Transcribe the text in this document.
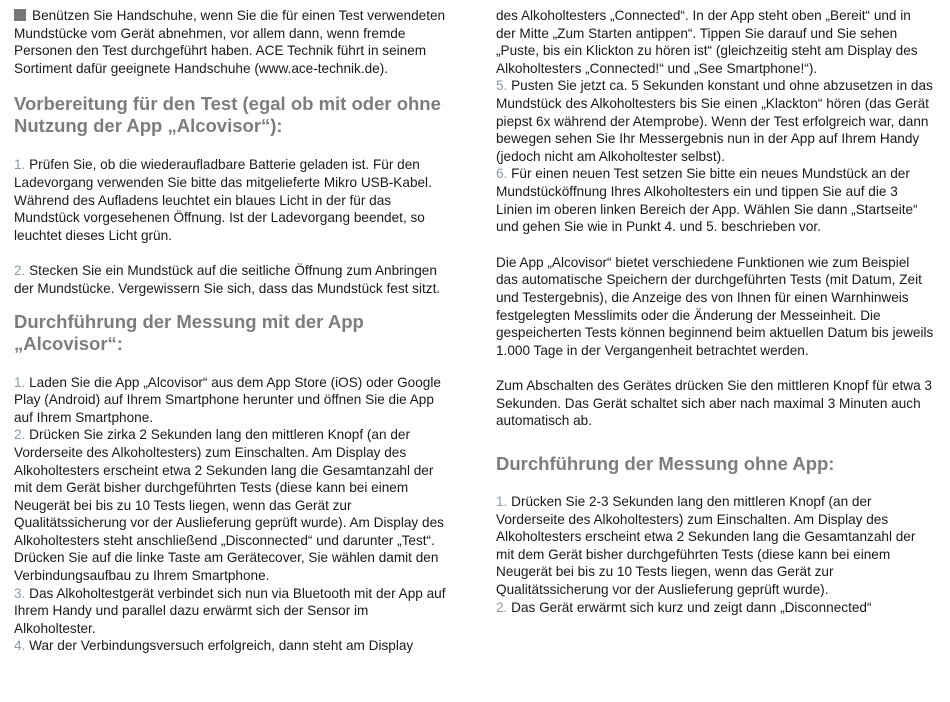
Benützen Sie Handschuhe, wenn Sie die für einen Test verwendeten Mundstücke vom Gerät abnehmen, vor allem dann, wenn fremde Personen den Test durchgeführt haben. ACE Technik führt in seinem Sortiment dafür geeignete Handschuhe (www.ace-technik.de).

Vorbereitung für den Test (egal ob mit oder ohne Nutzung der App „Alcovisor“):

1. Prüfen Sie, ob die wiederaufladbare Batterie geladen ist. Für den Ladevorgang verwenden Sie bitte das mitgelieferte Mikro USB-Kabel. Während des Aufladens leuchtet ein blaues Licht in der für das Mundstück vorgesehenen Öffnung. Ist der Ladevorgang beendet, so leuchtet dieses Licht grün.

2. Stecken Sie ein Mundstück auf die seitliche Öffnung zum Anbringen der Mundstücke. Vergewissern Sie sich, dass das Mundstück fest sitzt.

Durchführung der Messung mit der App „Alcovisor“:

1. Laden Sie die App „Alcovisor“ aus dem App Store (iOS) oder Google Play (Android) auf Ihrem Smartphone herunter und öffnen Sie die App auf Ihrem Smartphone.

2. Drücken Sie zirka 2 Sekunden lang den mittleren Knopf (an der Vorderseite des Alkoholtesters) zum Einschalten. Am Display des Alkoholtesters erscheint etwa 2 Sekunden lang die Gesamtanzahl der mit dem Gerät bisher durchgeführten Tests (diese kann bei einem Neugerät bei bis zu 10 Tests liegen, wenn das Gerät zur Qualitätssicherung vor der Auslieferung geprüft wurde). Am Display des Alkoholtesters steht anschließend „Disconnected“ und darunter „Test“. Drücken Sie auf die linke Taste am Gerätecover, Sie wählen damit den Verbindungsaufbau zu Ihrem Smartphone.

3. Das Alkoholtestgerät verbindet sich nun via Bluetooth mit der App auf Ihrem Handy und parallel dazu erwärmt sich der Sensor im Alkoholtester.

4. War der Verbindungsversuch erfolgreich, dann steht am Display

des Alkoholtesters „Connected“. In der App steht oben „Bereit“ und in der Mitte „Zum Starten antippen“. Tippen Sie darauf und Sie sehen „Puste, bis ein Klickton zu hören ist“ (gleichzeitig steht am Display des Alkoholtesters „Connected!“ und „See Smartphone!“).

5. Pusten Sie jetzt ca. 5 Sekunden konstant und ohne abzusetzen in das Mundstück des Alkoholtesters bis Sie einen „Klackton“ hören (das Gerät piepst 6x während der Atemprobe). Wenn der Test erfolgreich war, dann bewegen sehen Sie Ihr Messergebnis nun in der App auf Ihrem Handy (jedoch nicht am Alkoholtester selbst).

6. Für einen neuen Test setzen Sie bitte ein neues Mundstück an der Mundstücköffnung Ihres Alkoholtesters ein und tippen Sie auf die 3 Linien im oberen linken Bereich der App. Wählen Sie dann „Startseite“ und gehen Sie wie in Punkt 4. und 5. beschrieben vor.

Die App „Alcovisor“ bietet verschiedene Funktionen wie zum Beispiel das automatische Speichern der durchgeführten Tests (mit Datum, Zeit und Testergebnis), die Anzeige des von Ihnen für einen Warnhinweis festgelegten Messlimits oder die Änderung der Messeinheit. Die gespeicherten Tests können beginnend beim aktuellen Datum bis jeweils 1.000 Tage in der Vergangenheit betrachtet werden.

Zum Abschalten des Gerätes drücken Sie den mittleren Knopf für etwa 3 Sekunden. Das Gerät schaltet sich aber nach maximal 3 Minuten auch automatisch ab.

Durchführung der Messung ohne App:

1. Drücken Sie 2-3 Sekunden lang den mittleren Knopf (an der Vorderseite des Alkoholtesters) zum Einschalten. Am Display des Alkoholtesters erscheint etwa 2 Sekunden lang die Gesamtanzahl der mit dem Gerät bisher durchgeführten Tests (diese kann bei einem Neugerät bei bis zu 10 Tests liegen, wenn das Gerät zur Qualitätssicherung vor der Auslieferung geprüft wurde).

2. Das Gerät erwärmt sich kurz und zeigt dann „Disconnected“
